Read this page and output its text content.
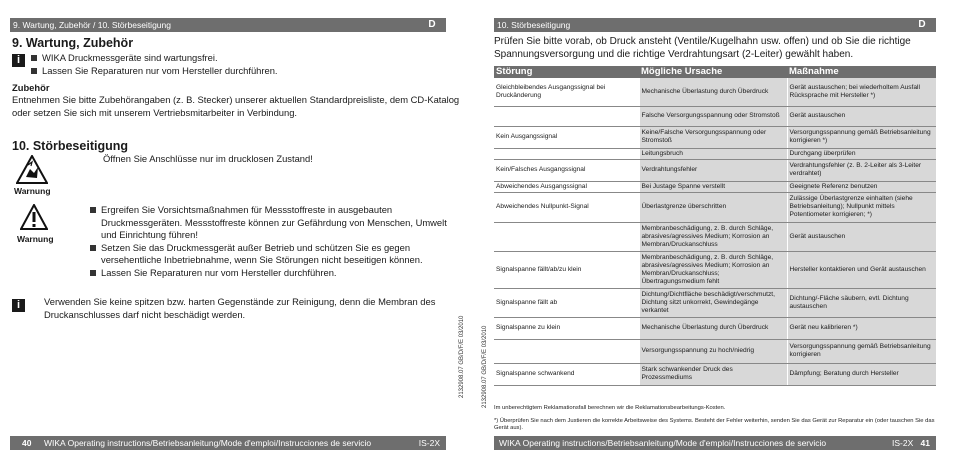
9. Wartung, Zubehör / 10. Störbeseitigung	D
9. Wartung, Zubehör
i	WIKA Druckmessgeräte sind wartungsfrei.
Lassen Sie Reparaturen nur vom Hersteller durchführen.
Zubehör
Entnehmen Sie bitte Zubehörangaben (z. B. Stecker) unserer aktuellen Standardpreisliste, dem CD-Katalog oder setzen Sie sich mit unserem Vertriebsmitarbeiter in Verbindung.
10. Störbeseitigung
Warnung
Öffnen Sie Anschlüsse nur im drucklosen Zustand!
Warnung
Ergreifen Sie Vorsichtsmaßnahmen für Messstoffreste in ausgebauten Druckmessgeräten. Messstoffreste können zur Gefährdung von Menschen, Umwelt und Einrichtung führen!
Setzen Sie das Druckmessgerät außer Betrieb und schützen Sie es gegen versehentliche Inbetriebnahme, wenn Sie Störungen nicht beseitigen können.
Lassen Sie Reparaturen nur vom Hersteller durchführen.
i	Verwenden Sie keine spitzen bzw. harten Gegenstände zur Reinigung, denn die Membran des Druckanschlusses darf nicht beschädigt werden.
2132908.07 GB/D/F/E 03/2010
40 WIKA Operating instructions/Betriebsanleitung/Mode d'emploi/Instrucciones de servicio	IS-2X
2132908.07 GB/D/F/E 03/2010
10. Störbeseitigung	D
Prüfen Sie bitte vorab, ob Druck ansteht (Ventile/Kugelhahn usw. offen) und ob Sie die richtige Spannungsversorgung und die richtige Verdrahtungsart (2-Leiter) gewählt haben.
Störung	Mögliche Ursache	Maßnahme
Gleichbleibendes Ausgangssignal bei Druckänderung	Mechanische Überlastung durch Überdruck	Gerät austauschen; bei wiederholtem Ausfall Rücksprache mit Hersteller *)
	Falsche Versorgungsspannung oder Stromstoß	Gerät austauschen
Kein Ausgangssignal	Keine/Falsche Versorgungsspannung oder Stromstoß	Versorgungsspannung gemäß Betriebsanleitung korrigieren *)
	Leitungsbruch	Durchgang überprüfen
Kein/Falsches Ausgangssignal	Verdrahtungsfehler	Verdrahtungsfehler (z. B. 2-Leiter als 3-Leiter verdrahtet)
Abweichendes Ausgangssignal	Bei Justage Spanne verstellt	Geeignete Referenz benutzen
Abweichendes Nullpunkt-Signal	Überlastgrenze überschritten	Zulässige Überlastgrenze einhalten (siehe Betriebsanleitung); Nullpunkt mittels Potentiometer korrigieren; *)
	Membranbeschädigung, z. B. durch Schläge, abrasives/agressives Medium; Korrosion an Membran/Druckanschluss	Gerät austauschen
Signalspanne fällt/ab/zu klein	Membranbeschädigung, z. B. durch Schläge, abrasives/agressives Medium; Korrosion an Membran/Druckanschluss; Übertragungsmedium fehlt	Hersteller kontaktieren und Gerät austauschen
Signalspanne fällt ab	Dichtung/Dichtfläche beschädigt/verschmutzt, Dichtung sitzt unkorrekt, Gewindegänge verkantet	Dichtung/-Fläche säubern, evtl. Dichtung austauschen
Signalspanne zu klein	Mechanische Überlastung durch Überdruck	Gerät neu kalibrieren *)
	Versorgungsspannung zu hoch/niedrig	Versorgungsspannung gemäß Betriebsanleitung korrigieren
Signalspanne schwankend	Stark schwankender Druck des Prozessmediums	Dämpfung; Beratung durch Hersteller
Im unberechtigtem Reklamationsfall berechnen wir die Reklamationsbearbeitungs-Kosten.
*) Überprüfen Sie nach dem Justieren die korrekte Arbeitsweise des Systems. Besteht der Fehler weiterhin, senden Sie das Gerät zur Reparatur ein (oder tauschen Sie das Gerät aus).
WIKA Operating instructions/Betriebsanleitung/Mode d'emploi/Instrucciones de servicio	IS-2X 41
